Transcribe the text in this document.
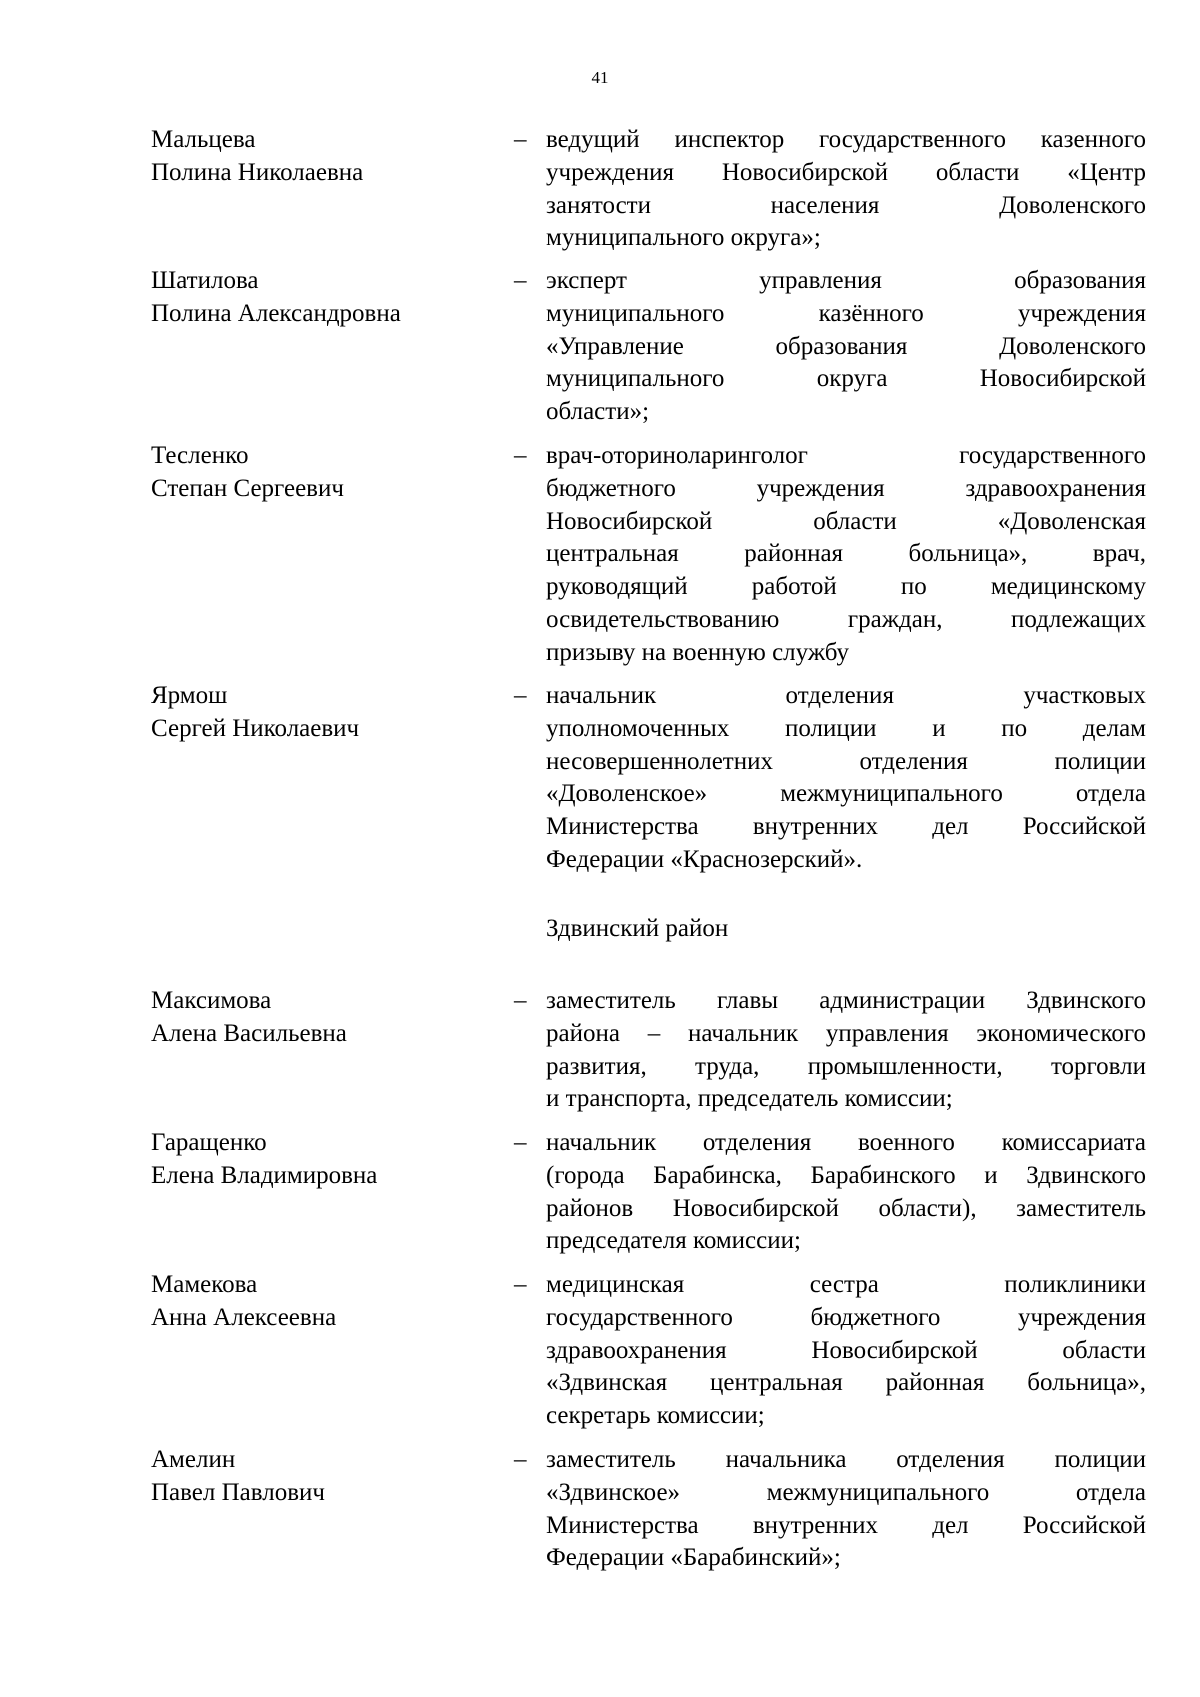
41
Мальцева
Полина Николаевна
– ведущий инспектор государственного казенного
учреждения Новосибирской области «Центр
занятости населения Доволенского
муниципального округа»;
Шатилова
Полина Александровна
– эксперт управления образования
муниципального казённого учреждения
«Управление образования Доволенского
муниципального округа Новосибирской
области»;
Тесленко
Степан Сергеевич
– врач-оториноларинголог государственного
бюджетного учреждения здравоохранения
Новосибирской области «Доволенская
центральная районная больница», врач,
руководящий работой по медицинскому
освидетельствованию граждан, подлежащих
призыву на военную службу
Ярмош
Сергей Николаевич
– начальник отделения участковых
уполномоченных полиции и по делам
несовершеннолетних отделения полиции
«Доволенское» межмуниципального отдела
Министерства внутренних дел Российской
Федерации «Краснозерский».
Здвинский район
Максимова
Алена Васильевна
– заместитель главы администрации Здвинского
района – начальник управления экономического
развития, труда, промышленности, торговли
и транспорта, председатель комиссии;
Гаращенко
Елена Владимировна
– начальник отделения военного комиссариата
(города Барабинска, Барабинского и Здвинского
районов Новосибирской области), заместитель
председателя комиссии;
Мамекова
Анна Алексеевна
– медицинская сестра поликлиники
государственного бюджетного учреждения
здравоохранения Новосибирской области
«Здвинская центральная районная больница»,
секретарь комиссии;
Амелин
Павел Павлович
– заместитель начальника отделения полиции
«Здвинское» межмуниципального отдела
Министерства внутренних дел Российской
Федерации «Барабинский»;
